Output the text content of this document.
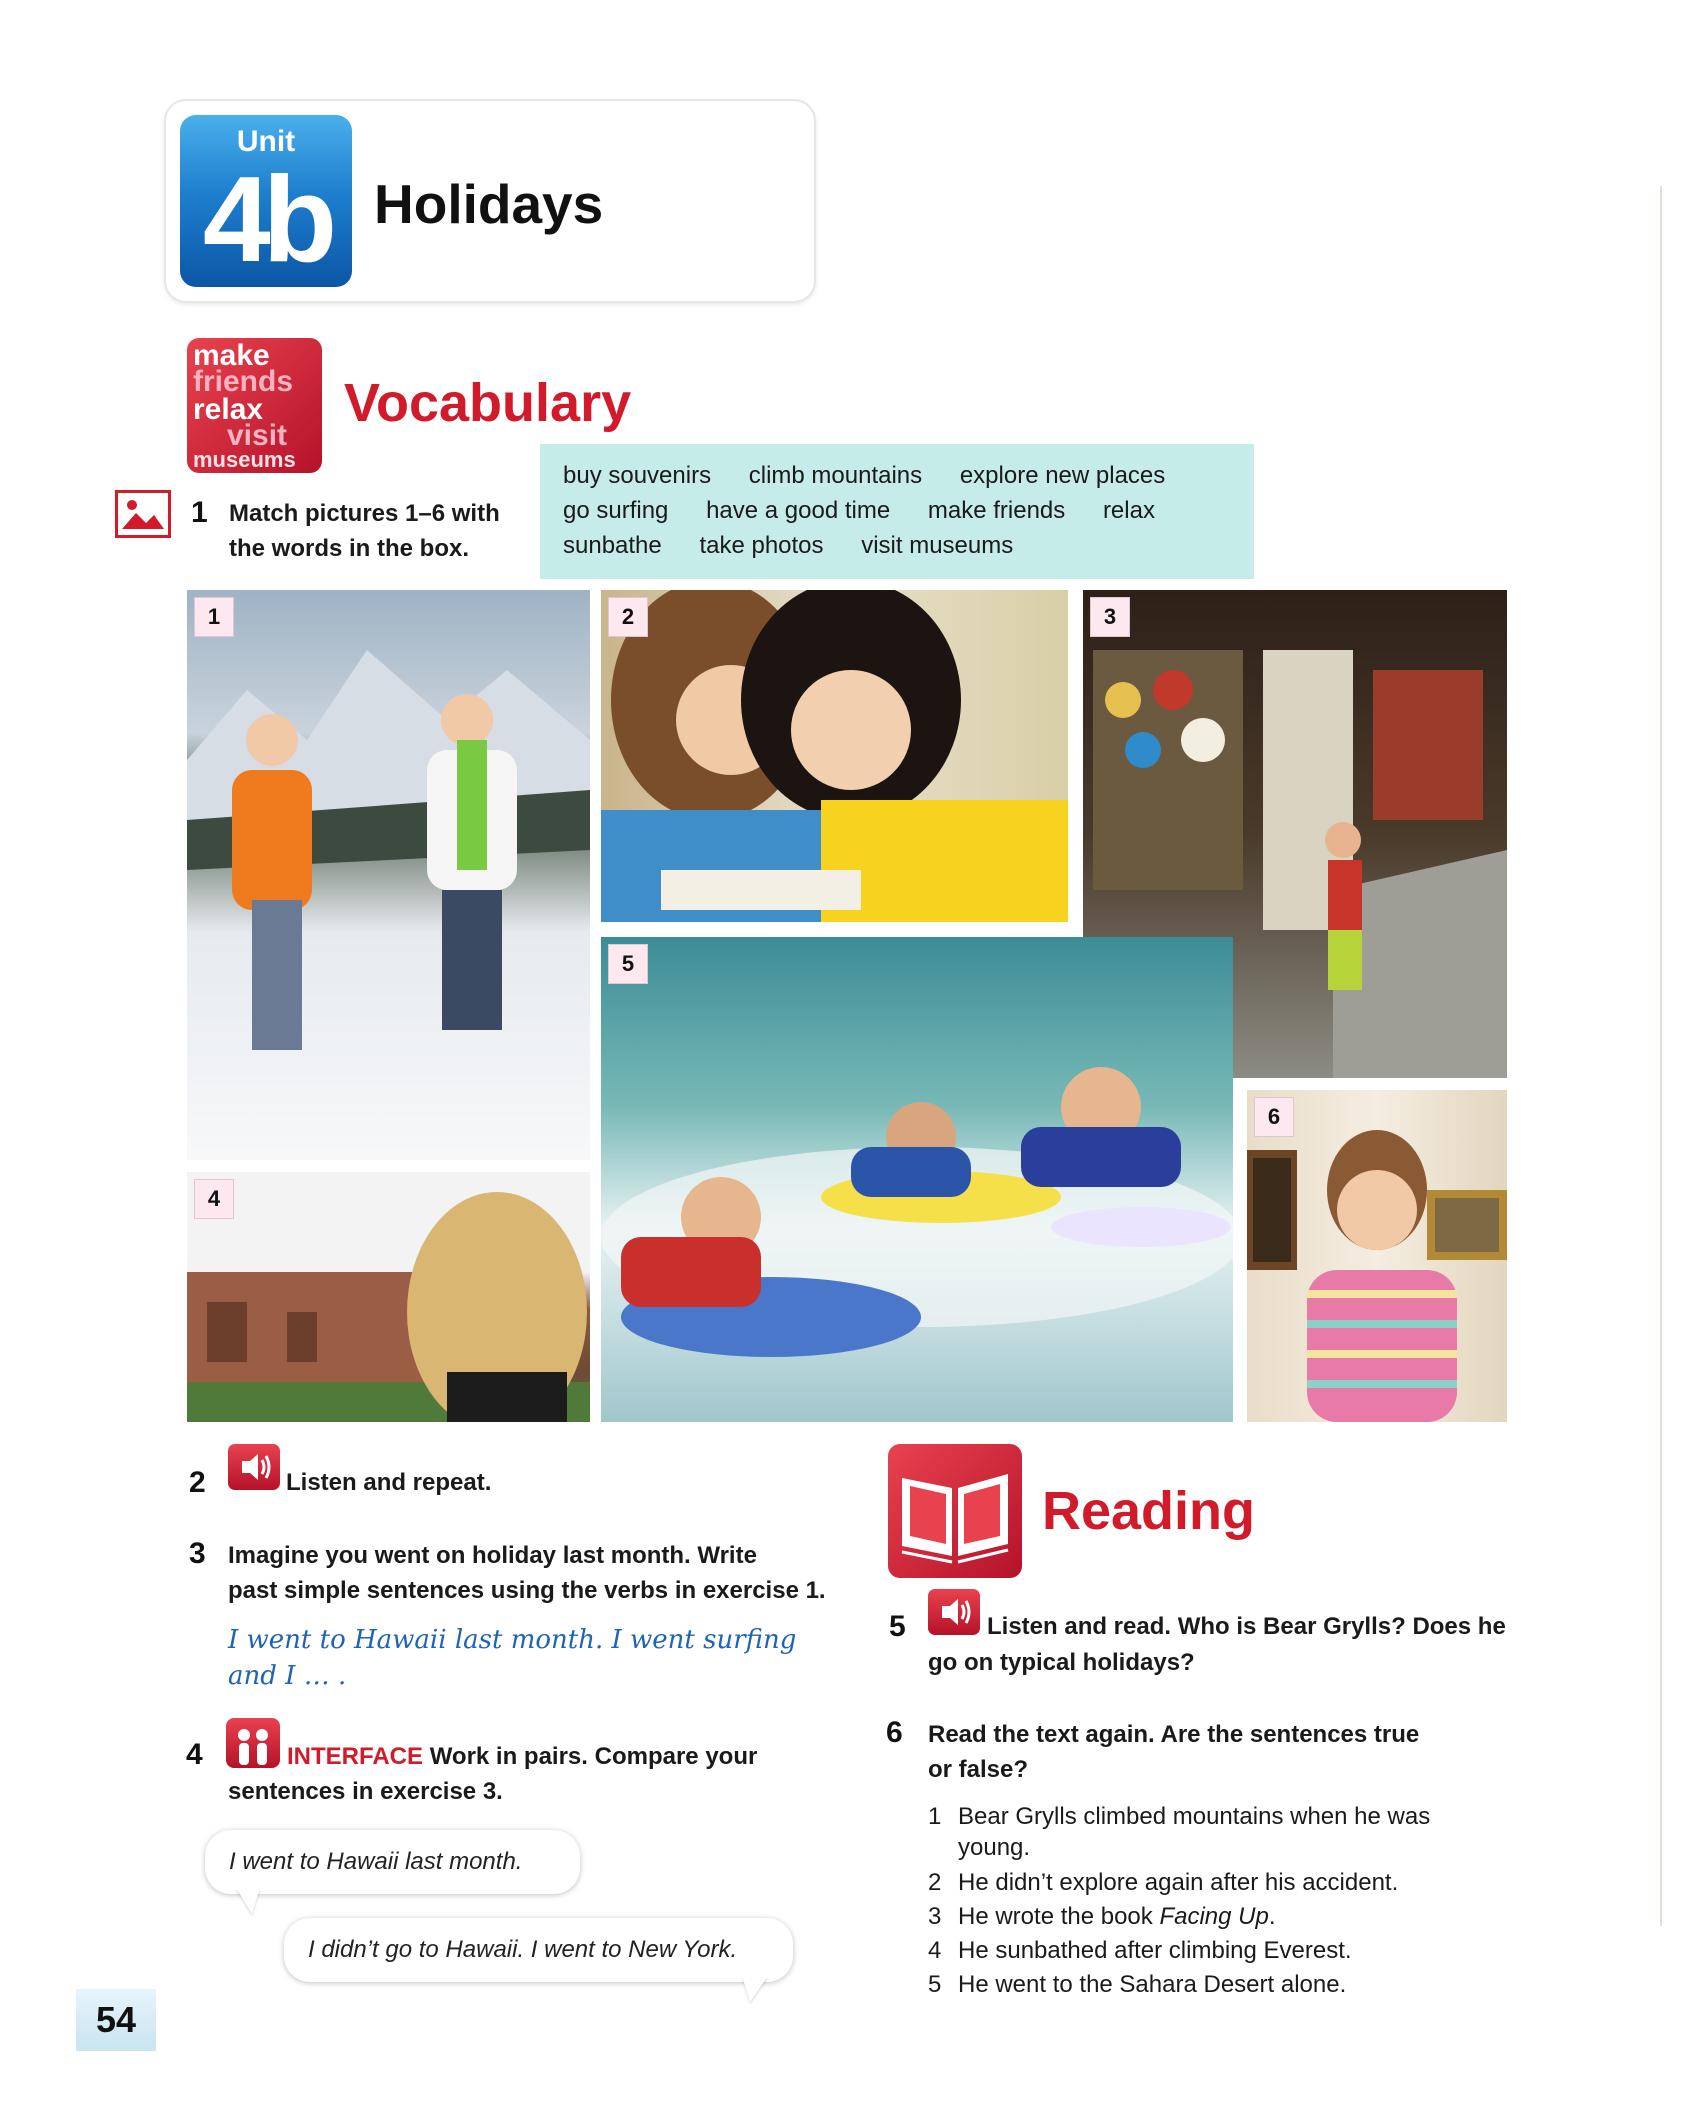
Unit
4b Holidays
make
friends
relax
visit
museums
Vocabulary
1 Match pictures 1–6 with
the words in the box.
buy souvenirs climb mountains explore new places
go surfing have a good time make friends relax
sunbathe take photos visit museums
1	2	3
4
5
6
2	Listen and repeat.
3 Imagine you went on holiday last month. Write
past simple sentences using the verbs in exercise 1.
I went to Hawaii last month. I went surfing
and I … .
4	INTERFACE Work in pairs. Compare your
sentences in exercise 3.
I went to Hawaii last month.
I didn’t go to Hawaii. I went to New York.
Reading
5	Listen and read. Who is Bear Grylls? Does he
go on typical holidays?
6 Read the text again. Are the sentences true
or false?
1 Bear Grylls climbed mountains when he was
young.
2 He didn’t explore again after his accident.
3 He wrote the book Facing Up.
4 He sunbathed after climbing Everest.
5 He went to the Sahara Desert alone.
54
